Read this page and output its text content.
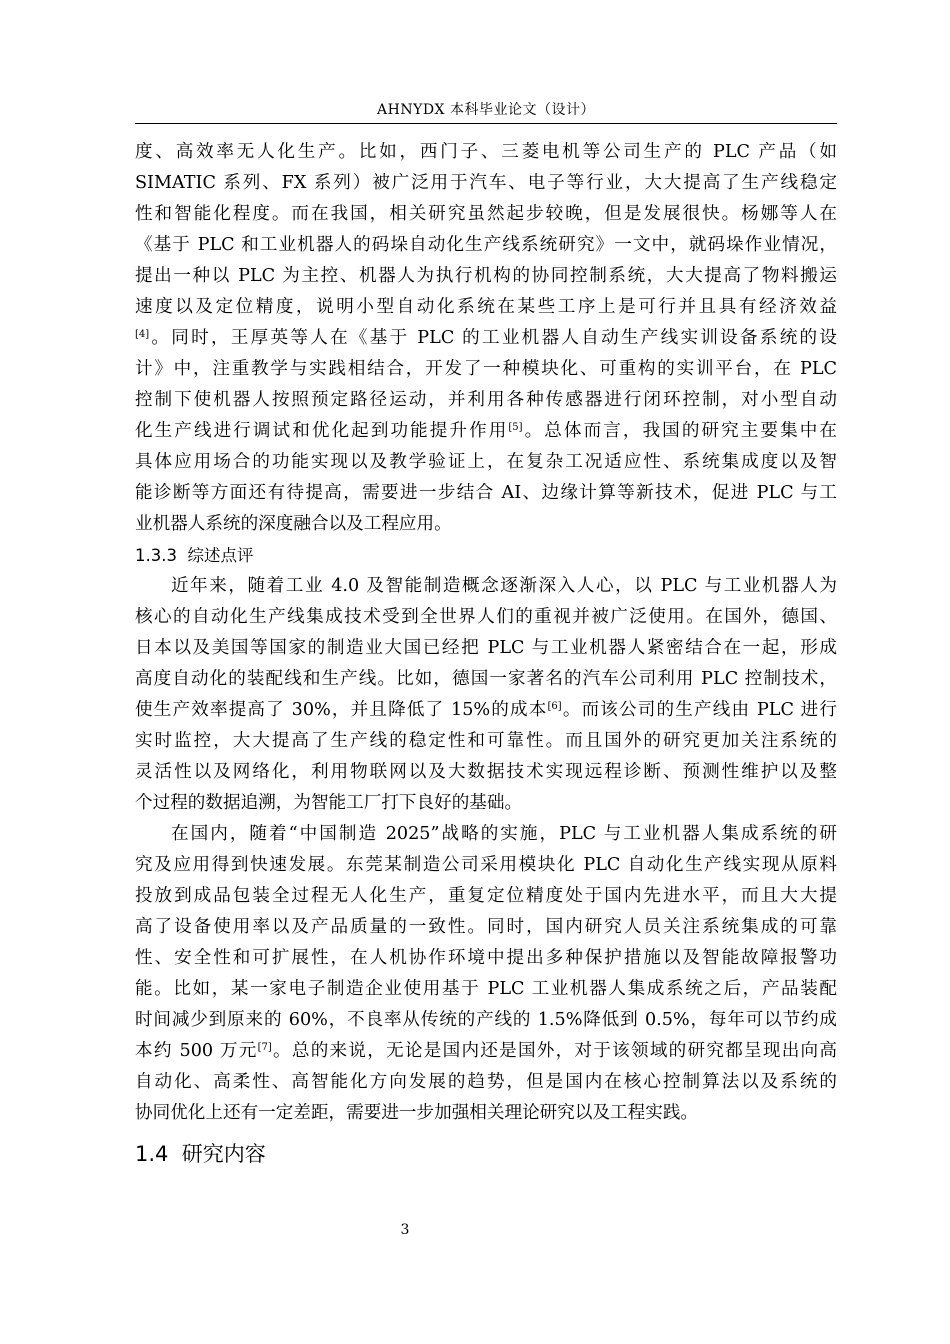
AHNYDX 本科毕业论文（设计）
度、高效率无人化生产。比如，西门子、三菱电机等公司生产的 PLC 产品（如
SIMATIC 系列、FX 系列）被广泛用于汽车、电子等行业，大大提高了生产线稳定
性和智能化程度。而在我国，相关研究虽然起步较晚，但是发展很快。杨娜等人在
《基于 PLC 和工业机器人的码垛自动化生产线系统研究》一文中，就码垛作业情况，
提出一种以 PLC 为主控、机器人为执行机构的协同控制系统，大大提高了物料搬运
速度以及定位精度，说明小型自动化系统在某些工序上是可行并且具有经济效益
[4]。同时，王厚英等人在《基于 PLC 的工业机器人自动生产线实训设备系统的设
计》中，注重教学与实践相结合，开发了一种模块化、可重构的实训平台，在 PLC
控制下使机器人按照预定路径运动，并利用各种传感器进行闭环控制，对小型自动
化生产线进行调试和优化起到功能提升作用[5]。总体而言，我国的研究主要集中在
具体应用场合的功能实现以及教学验证上，在复杂工况适应性、系统集成度以及智
能诊断等方面还有待提高，需要进一步结合 AI、边缘计算等新技术，促进 PLC 与工
业机器人系统的深度融合以及工程应用。
1.3.3 综述点评
近年来，随着工业 4.0 及智能制造概念逐渐深入人心，以 PLC 与工业机器人为
核心的自动化生产线集成技术受到全世界人们的重视并被广泛使用。在国外，德国、
日本以及美国等国家的制造业大国已经把 PLC 与工业机器人紧密结合在一起，形成
高度自动化的装配线和生产线。比如，德国一家著名的汽车公司利用 PLC 控制技术，
使生产效率提高了 30%，并且降低了 15%的成本[6]。而该公司的生产线由 PLC 进行
实时监控，大大提高了生产线的稳定性和可靠性。而且国外的研究更加关注系统的
灵活性以及网络化，利用物联网以及大数据技术实现远程诊断、预测性维护以及整
个过程的数据追溯，为智能工厂打下良好的基础。
在国内，随着“中国制造 2025”战略的实施，PLC 与工业机器人集成系统的研
究及应用得到快速发展。东莞某制造公司采用模块化 PLC 自动化生产线实现从原料
投放到成品包装全过程无人化生产，重复定位精度处于国内先进水平，而且大大提
高了设备使用率以及产品质量的一致性。同时，国内研究人员关注系统集成的可靠
性、安全性和可扩展性，在人机协作环境中提出多种保护措施以及智能故障报警功
能。比如，某一家电子制造企业使用基于 PLC 工业机器人集成系统之后，产品装配
时间减少到原来的 60%，不良率从传统的产线的 1.5%降低到 0.5%，每年可以节约成
本约 500 万元[7]。总的来说，无论是国内还是国外，对于该领域的研究都呈现出向高
自动化、高柔性、高智能化方向发展的趋势，但是国内在核心控制算法以及系统的
协同优化上还有一定差距，需要进一步加强相关理论研究以及工程实践。
1.4 研究内容
3
